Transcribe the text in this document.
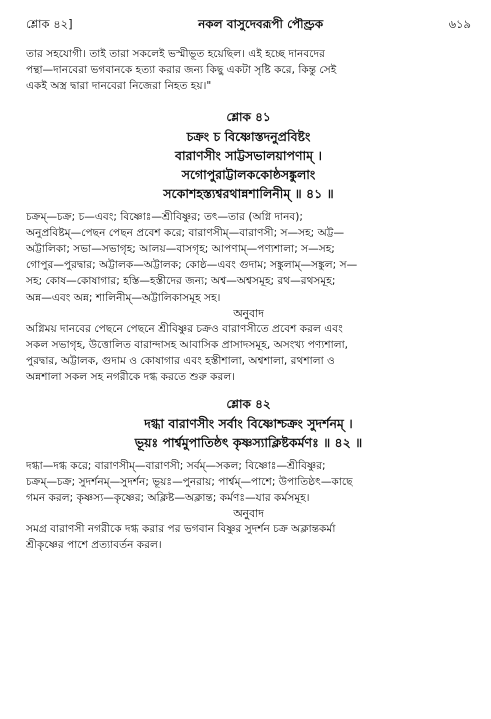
শ্লোক ৪২]	নকল বাসুদেবরূপী পৌণ্ড্রক	৬১৯
তার সহযোগী। তাই তারা সকলেই ভস্মীভূত হয়েছিল। এই হচ্ছে দানবদের
পন্থা—দানবেরা ভগবানকে হত্যা করার জন্য কিছু একটা সৃষ্টি করে, কিন্তু সেই
একই অস্ত্র দ্বারা দানবেরা নিজেরা নিহত হয়।"
শ্লোক ৪১
চক্রং চ বিষ্ণোস্তদনুপ্রবিষ্টং
বারাণসীং সাট্টসভালয়াপণাম্ ।
সগোপুরাট্টালককোষ্ঠসঙ্কুলাং
সকোশহস্ত্যশ্বরথান্নশালিনীম্ ॥ ৪১ ॥
চক্রম্—চক্র; চ—এবং; বিষ্ণোঃ—শ্রীবিষ্ণুর; তৎ—তার (অগ্নি দানব);
অনুপ্রবিষ্টম্—পেছন পেছন প্রবেশ করে; বারাণসীম্—বারাণসী; স—সহ; অট্ট—
অট্টালিকা; সভা—সভাগৃহ; আলয়—বাসগৃহ; আপণাম্—পণ্যশালা; স—সহ;
গোপুর—পুরদ্বার; অট্টালক—অট্টালক; কোষ্ঠ—এবং গুদাম; সঙ্কুলাম্—সঙ্কুল; স—
সহ; কোষ—কোষাগার; হস্তি—হস্তীদের জন্য; অশ্ব—অশ্বসমূহ; রথ—রথসমূহ;
অন্ন—এবং অন্ন; শালিনীম্—অট্টালিকাসমূহ সহ।
অনুবাদ
অগ্নিময় দানবের পেছনে পেছনে শ্রীবিষ্ণুর চক্রও বারাণসীতে প্রবেশ করল এবং
সকল সভাগৃহ, উত্তোলিত বারান্দাসহ আবাসিক প্রাসাদসমূহ, অসংখ্য পণ্যশালা,
পুরদ্বার, অট্টালক, গুদাম ও কোষাগার এবং হস্তীশালা, অশ্বশালা, রথশালা ও
অন্নশালা সকল সহ নগরীকে দগ্ধ করতে শুরু করল।
শ্লোক ৪২
দগ্ধা বারাণসীং সর্বাং বিষ্ণোশ্চক্রং সুদর্শনম্ ।
ভূয়ঃ পার্শ্বমুপাতিষ্ঠৎ কৃষ্ণস্যাক্লিষ্টকর্মণঃ ॥ ৪২ ॥
দগ্ধা—দগ্ধ করে; বারাণসীম্—বারাণসী; সর্বম্—সকল; বিষ্ণোঃ—শ্রীবিষ্ণুর;
চক্রম্—চক্র; সুদর্শনম্—সুদর্শন; ভূয়ঃ—পুনরায়; পার্শ্বম্—পাশে; উপাতিষ্ঠৎ—কাছে
গমন করল; কৃষ্ণস্য—কৃষ্ণের; অক্লিষ্ট—অক্লান্ত; কর্মণঃ—যার কর্মসমূহ।
অনুবাদ
সমগ্র বারাণসী নগরীকে দগ্ধ করার পর ভগবান বিষ্ণুর সুদর্শন চক্র অক্লান্তকর্মা
শ্রীকৃষ্ণের পাশে প্রত্যাবর্তন করল।
